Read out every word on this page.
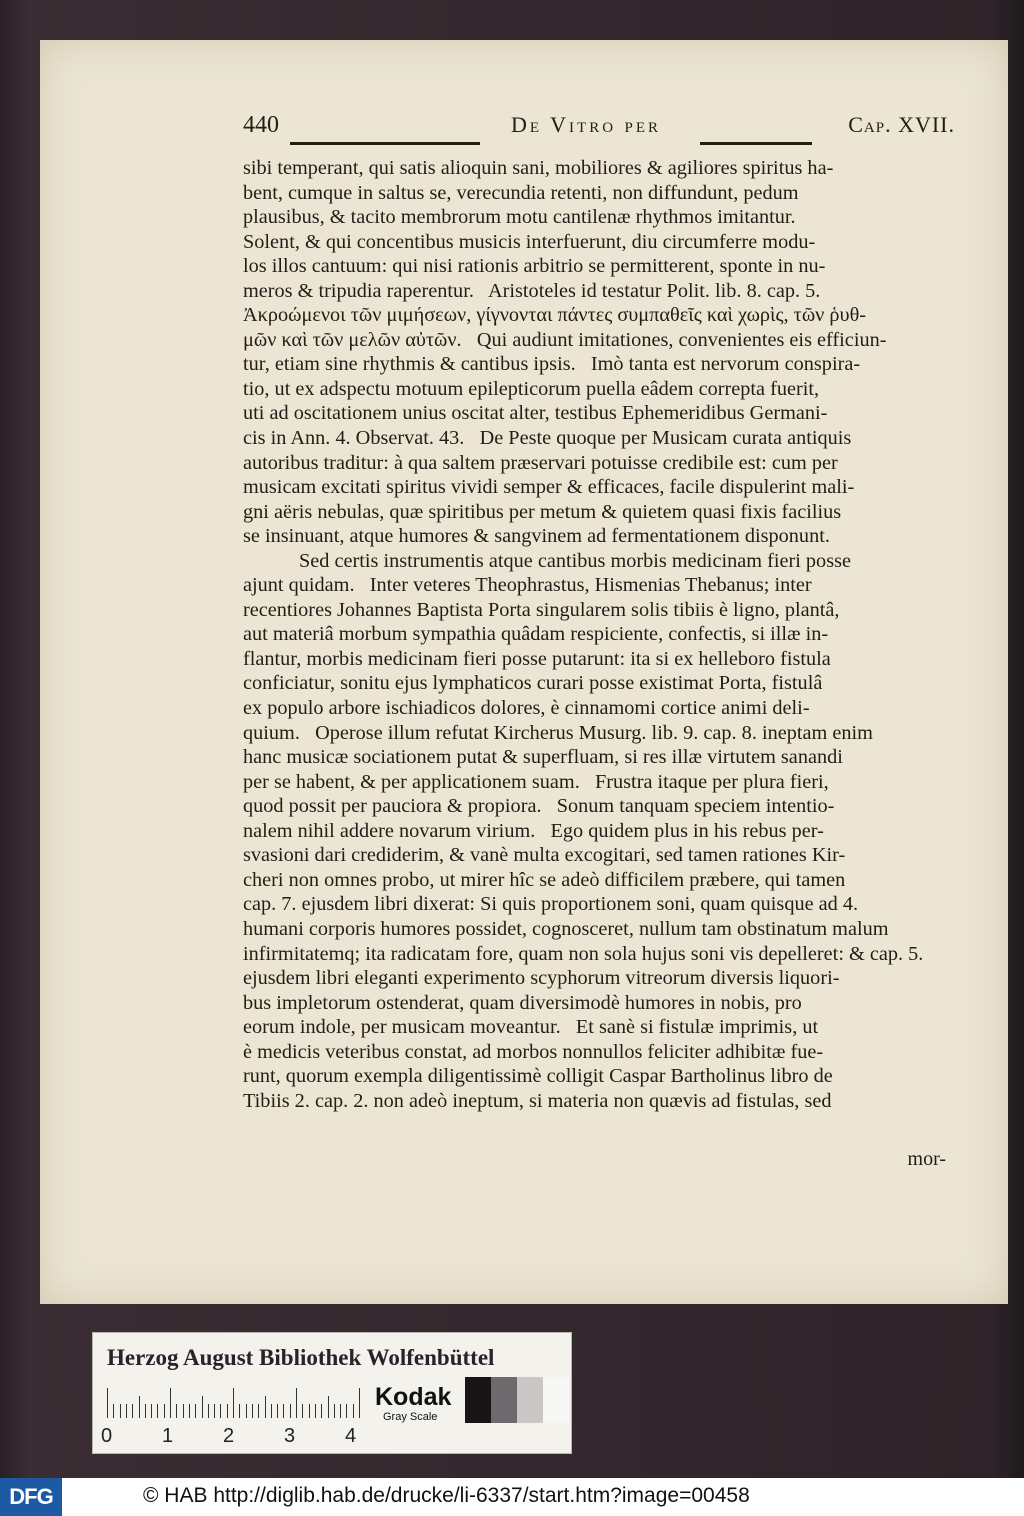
440	De Vitro per	Cap. XVII.
sibi temperant, qui satis alioquin sani, mobiliores & agiliores spiritus ha-
bent, cumque in saltus se, verecundia retenti, non diffundunt, pedum
plausibus, & tacito membrorum motu cantilenæ rhythmos imitantur.
Solent, & qui concentibus musicis interfuerunt, diu circumferre modu-
los illos cantuum: qui nisi rationis arbitrio se permitterent, sponte in nu-
meros & tripudia raperentur.   Aristoteles id testatur Polit. lib. 8. cap. 5.
Ἀκροώμενοι τῶν μιμήσεων, γίγνονται πάντες συμπαθεῖς καὶ χωρὶς, τῶν ῥυθ-
μῶν καὶ τῶν μελῶν αὐτῶν.   Qui audiunt imitationes, convenientes eis efficiun-
tur, etiam sine rhythmis & cantibus ipsis.   Imò tanta est nervorum conspira-
tio, ut ex adspectu motuum epilepticorum puella eâdem correpta fuerit,
uti ad oscitationem unius oscitat alter, testibus Ephemeridibus Germani-
cis in Ann. 4. Observat. 43.   De Peste quoque per Musicam curata antiquis
autoribus traditur: à qua saltem præservari potuisse credibile est: cum per
musicam excitati spiritus vividi semper & efficaces, facile dispulerint mali-
gni aëris nebulas, quæ spiritibus per metum & quietem quasi fixis facilius
se insinuant, atque humores & sangvinem ad fermentationem disponunt.
Sed certis instrumentis atque cantibus morbis medicinam fieri posse
ajunt quidam.   Inter veteres Theophrastus, Hismenias Thebanus; inter
recentiores Johannes Baptista Porta singularem solis tibiis è ligno, plantâ,
aut materiâ morbum sympathia quâdam respiciente, confectis, si illæ in-
flantur, morbis medicinam fieri posse putarunt: ita si ex helleboro fistula
conficiatur, sonitu ejus lymphaticos curari posse existimat Porta, fistulâ
ex populo arbore ischiadicos dolores, è cinnamomi cortice animi deli-
quium.   Operose illum refutat Kircherus Musurg. lib. 9. cap. 8. ineptam enim
hanc musicæ sociationem putat & superfluam, si res illæ virtutem sanandi
per se habent, & per applicationem suam.   Frustra itaque per plura fieri,
quod possit per pauciora & propiora.   Sonum tanquam speciem intentio-
nalem nihil addere novarum virium.   Ego quidem plus in his rebus per-
svasioni dari crediderim, & vanè multa excogitari, sed tamen rationes Kir-
cheri non omnes probo, ut mirer hîc se adeò difficilem præbere, qui tamen
cap. 7. ejusdem libri dixerat: Si quis proportionem soni, quam quisque ad 4.
humani corporis humores possidet, cognosceret, nullum tam obstinatum malum
infirmitatemq; ita radicatam fore, quam non sola hujus soni vis depelleret: & cap. 5.
ejusdem libri eleganti experimento scyphorum vitreorum diversis liquori-
bus impletorum ostenderat, quam diversimodè humores in nobis, pro
eorum indole, per musicam moveantur.   Et sanè si fistulæ imprimis, ut
è medicis veteribus constat, ad morbos nonnullos feliciter adhibitæ fue-
runt, quorum exempla diligentissimè colligit Caspar Bartholinus libro de
Tibiis 2. cap. 2. non adeò ineptum, si materia non quævis ad fistulas, sed
mor-
Herzog August Bibliothek Wolfenbüttel
0 1 2 3 4
Kodak
Gray Scale
DFG	© HAB http://diglib.hab.de/drucke/li-6337/start.htm?image=00458
